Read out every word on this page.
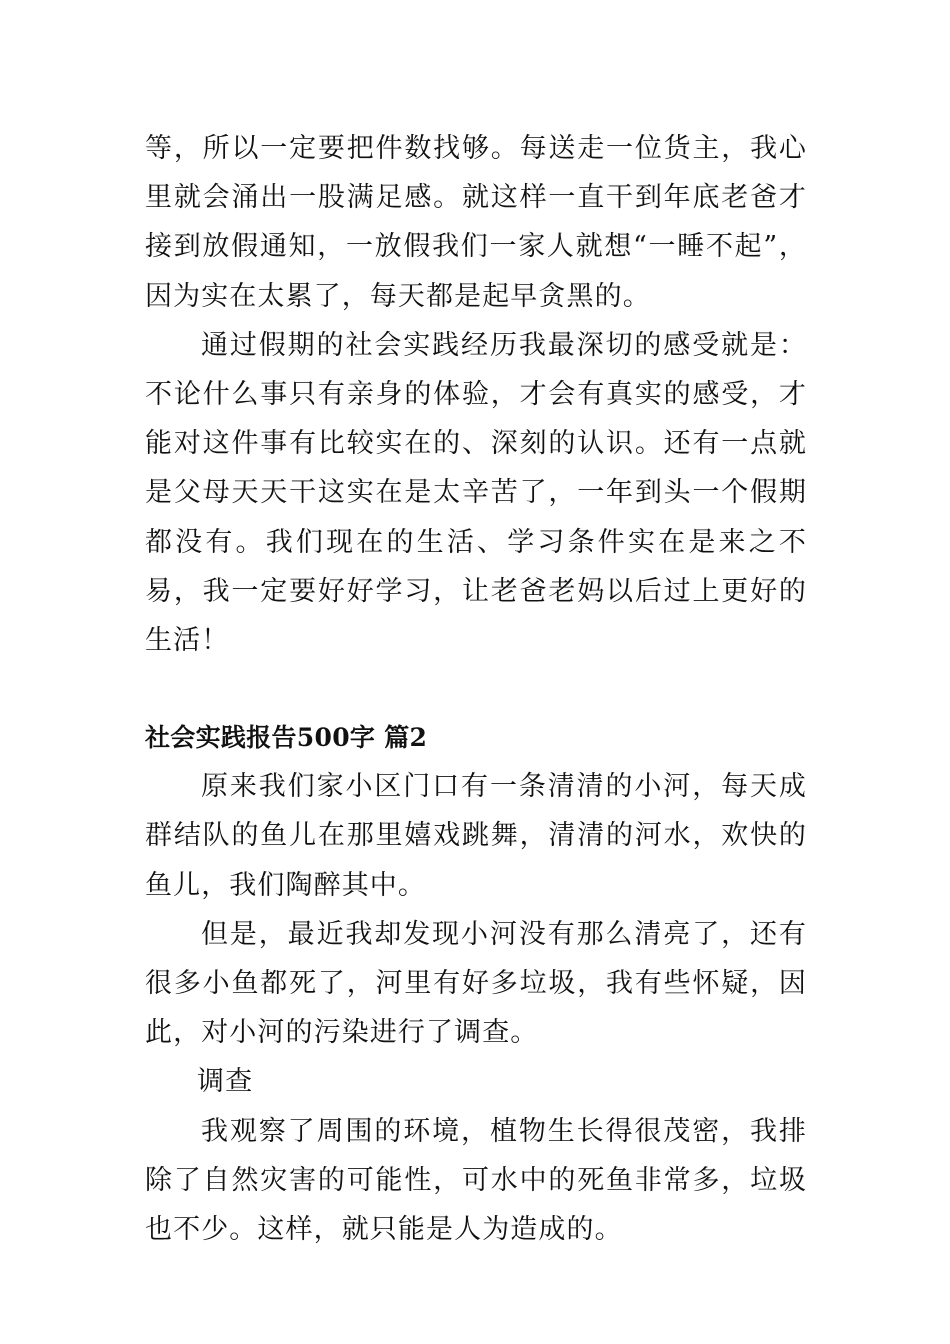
等，所以一定要把件数找够。每送走一位货主，我心里就会涌出一股满足感。就这样一直干到年底老爸才接到放假通知，一放假我们一家人就想“一睡不起”，因为实在太累了，每天都是起早贪黑的。

通过假期的社会实践经历我最深切的感受就是：不论什么事只有亲身的体验，才会有真实的感受，才能对这件事有比较实在的、深刻的认识。还有一点就是父母天天干这实在是太辛苦了，一年到头一个假期都没有。我们现在的生活、学习条件实在是来之不易，我一定要好好学习，让老爸老妈以后过上更好的生活！

社会实践报告500字 篇2

原来我们家小区门口有一条清清的小河，每天成群结队的鱼儿在那里嬉戏跳舞，清清的河水，欢快的鱼儿，我们陶醉其中。

但是，最近我却发现小河没有那么清亮了，还有很多小鱼都死了，河里有好多垃圾，我有些怀疑，因此，对小河的污染进行了调查。

调查

我观察了周围的环境，植物生长得很茂密，我排除了自然灾害的可能性，可水中的死鱼非常多，垃圾也不少。这样，就只能是人为造成的。
